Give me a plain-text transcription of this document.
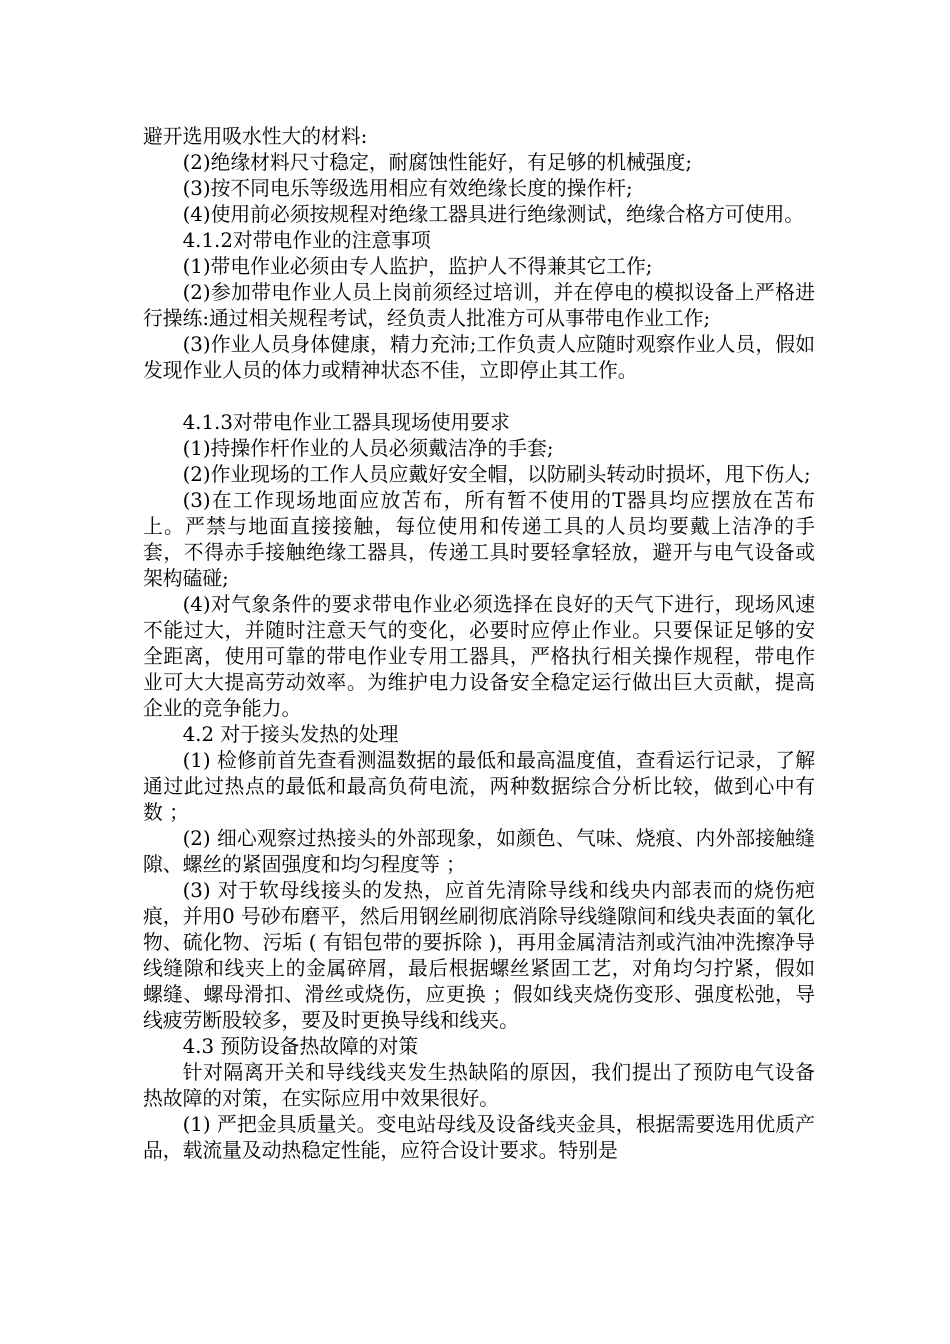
避开选用吸水性大的材料:

(2)绝缘材料尺寸稳定，耐腐蚀性能好，有足够的机械强度;

(3)按不同电乐等级选用相应有效绝缘长度的操作杆;

(4)使用前必须按规程对绝缘工器具进行绝缘测试，绝缘合格方可使用。

4.1.2对带电作业的注意事项

(1)带电作业必须由专人监护，监护人不得兼其它工作;

(2)参加带电作业人员上岗前须经过培训，并在停电的模拟设备上严格进行操练:通过相关规程考试，经负责人批准方可从事带电作业工作;

(3)作业人员身体健康，精力充沛;工作负责人应随时观察作业人员，假如发现作业人员的体力或精神状态不佳，立即停止其工作。

4.1.3对带电作业工器具现场使用要求

(1)持操作杆作业的人员必须戴洁净的手套;

(2)作业现场的工作人员应戴好安全帽，以防刷头转动时损坏，甩下伤人;

(3)在工作现场地面应放苫布，所有暂不使用的T器具均应摆放在苫布上。严禁与地面直接接触，每位使用和传递工具的人员均要戴上洁净的手套，不得赤手接触绝缘工器具，传递工具时要轻拿轻放，避开与电气设备或架构磕碰;

(4)对气象条件的要求带电作业必须选择在良好的天气下进行，现场风速不能过大，并随时注意天气的变化，必要时应停止作业。只要保证足够的安全距离，使用可靠的带电作业专用工器具，严格执行相关操作规程，带电作业可大大提高劳动效率。为维护电力设备安全稳定运行做出巨大贡献，提高企业的竞争能力。

4.2 对于接头发热的处理

(1) 检修前首先查看测温数据的最低和最高温度值，查看运行记录，了解通过此过热点的最低和最高负荷电流，两种数据综合分析比较，做到心中有数 ；

(2) 细心观察过热接头的外部现象，如颜色、气味、烧痕、内外部接触缝隙、螺丝的紧固强度和均匀程度等 ；

(3) 对于软母线接头的发热，应首先清除导线和线央内部表而的烧伤疤痕，并用0 号砂布磨平，然后用钢丝刷彻底消除导线缝隙间和线央表面的氧化物、硫化物、污垢 ( 有铝包带的要拆除 )，再用金属清洁剂或汽油冲洗擦净导线缝隙和线夹上的金属碎屑，最后根据螺丝紧固工艺，对角均匀拧紧，假如螺缝、螺母滑扣、滑丝或烧伤，应更换 ；假如线夹烧伤变形、强度松弛，导线疲劳断股较多，要及时更换导线和线夹。

4.3 预防设备热故障的对策

针对隔离开关和导线线夹发生热缺陷的原因，我们提出了预防电气设备热故障的对策，在实际应用中效果很好。

(1) 严把金具质量关。变电站母线及设备线夹金具，根据需要选用优质产品，载流量及动热稳定性能，应符合设计要求。特别是
